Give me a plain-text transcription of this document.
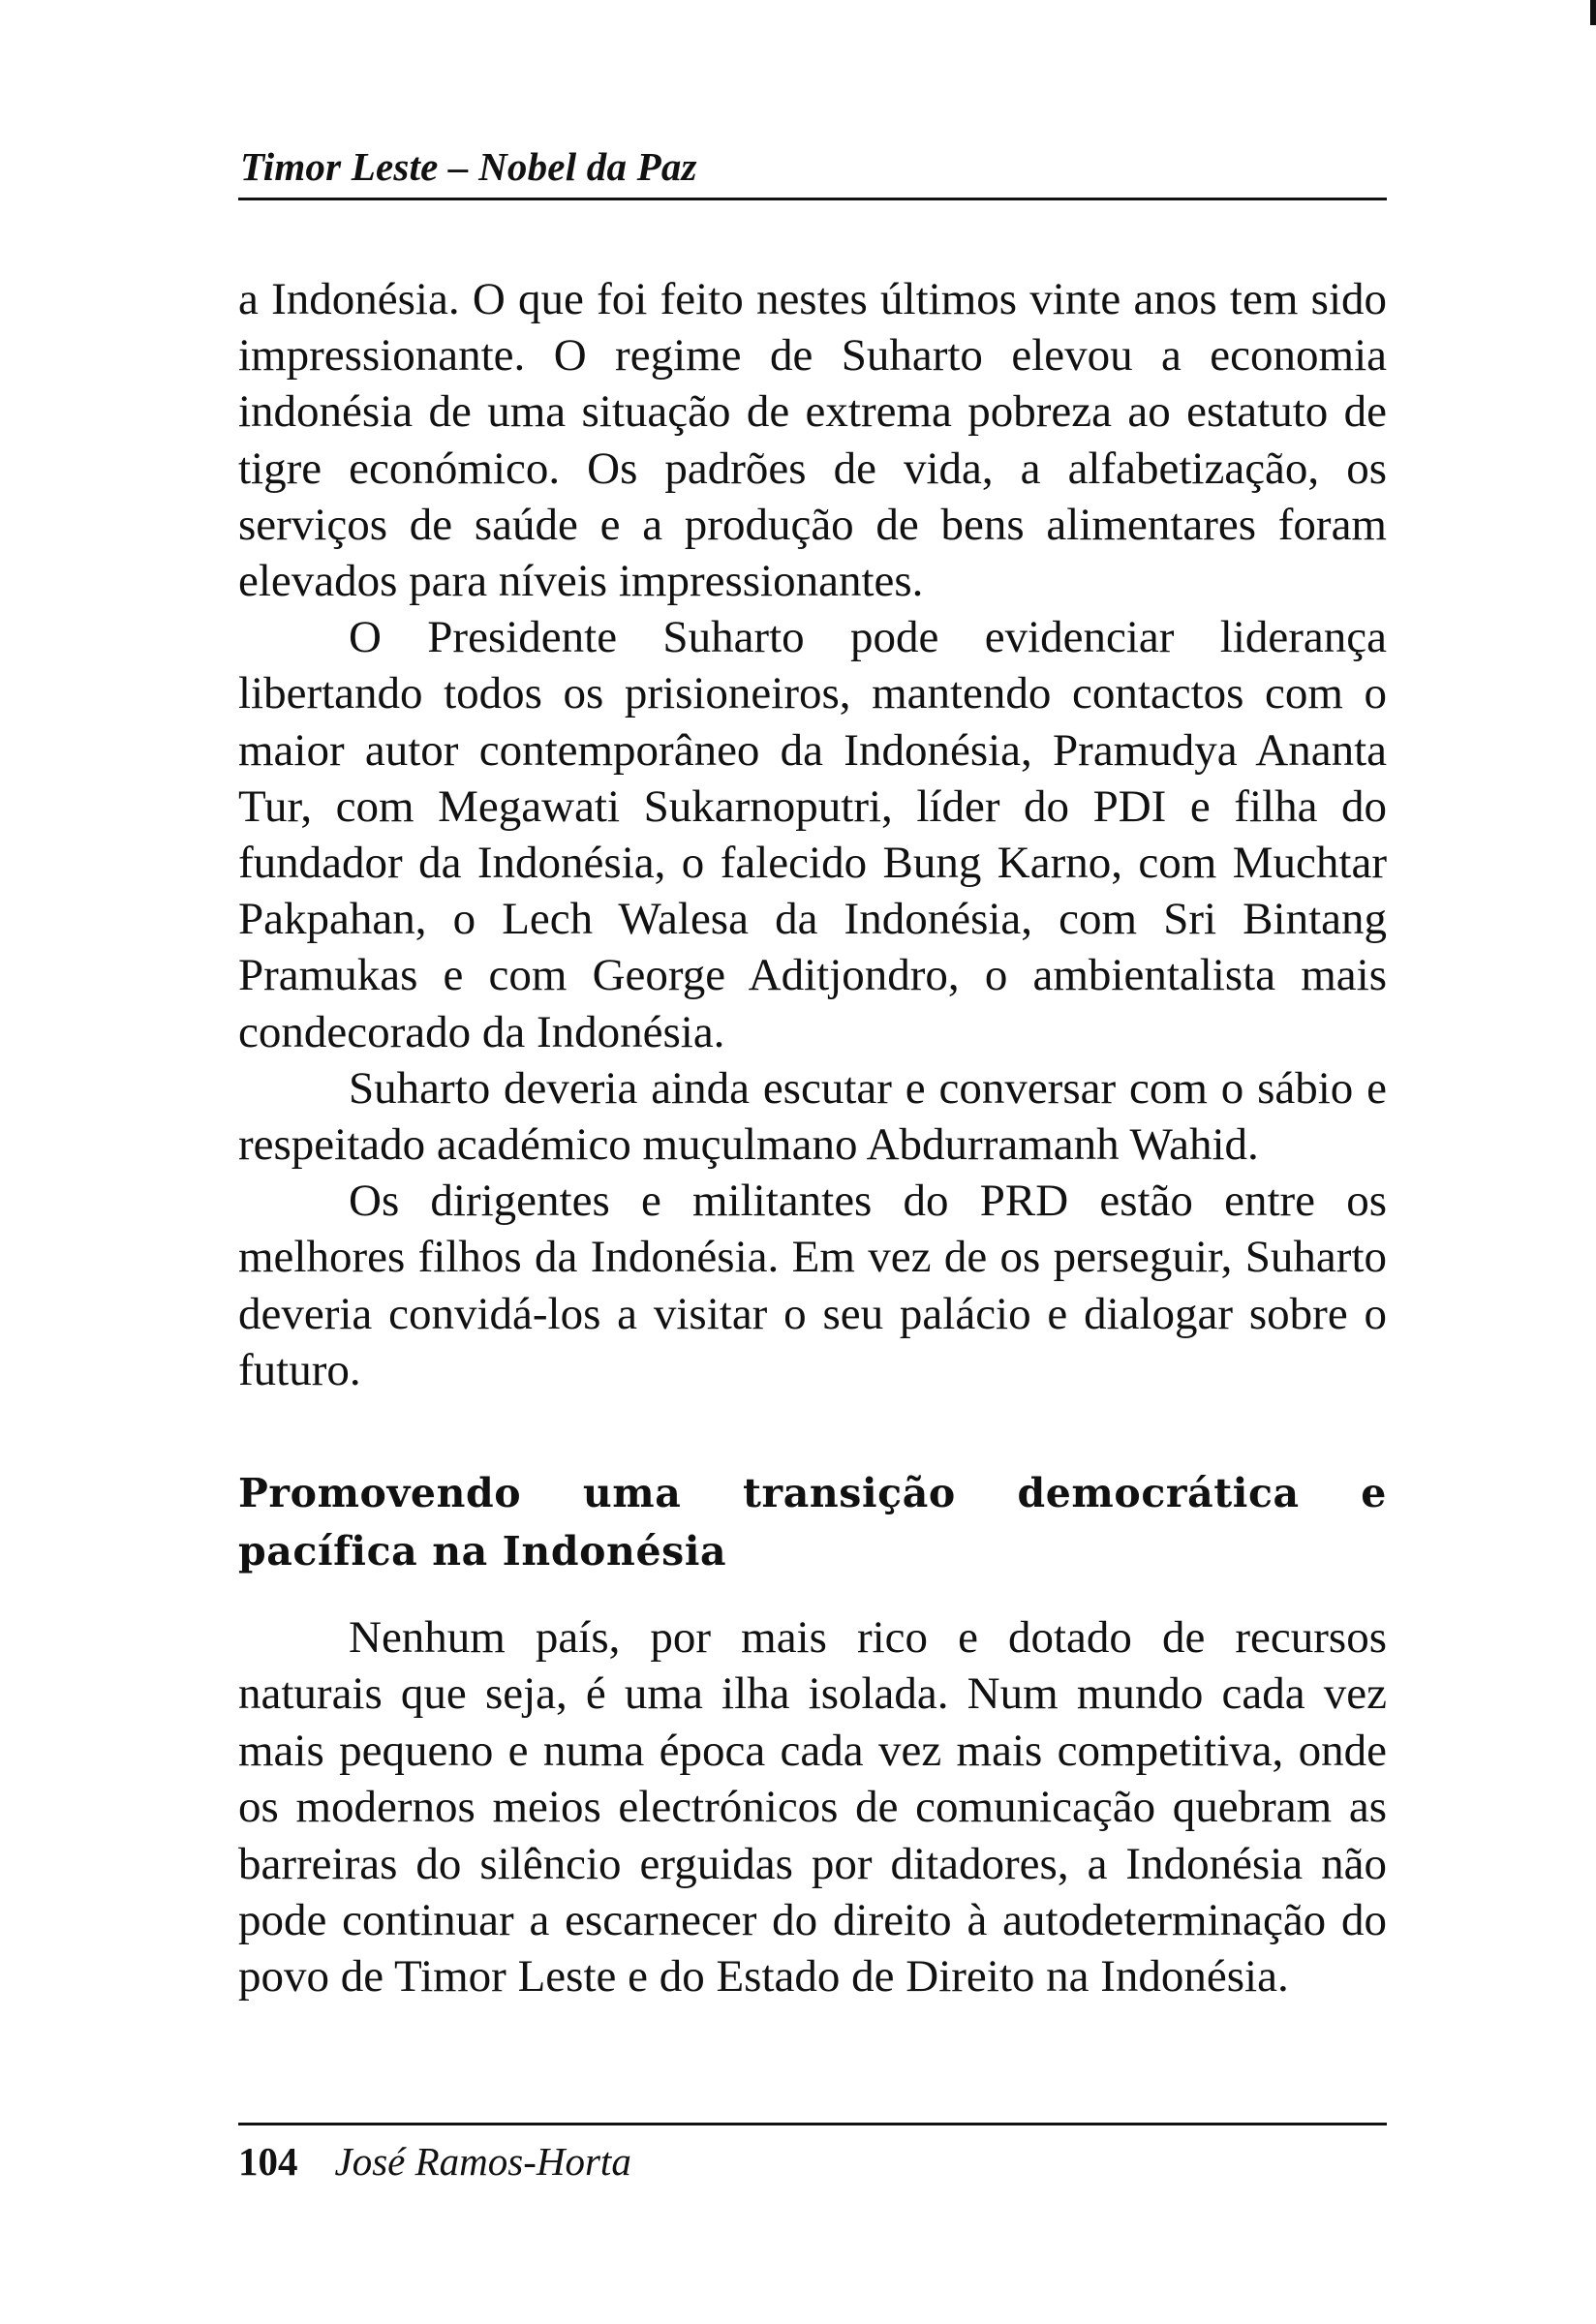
Timor Leste – Nobel da Paz

a Indonésia. O que foi feito nestes últimos vinte anos tem sido impressionante. O regime de Suharto elevou a economia indonésia de uma situação de extrema pobreza ao estatuto de tigre económico. Os padrões de vida, a alfabetização, os serviços de saúde e a produção de bens alimentares foram elevados para níveis impressionantes.

O Presidente Suharto pode evidenciar liderança libertando todos os prisioneiros, mantendo contactos com o maior autor contemporâneo da Indonésia, Pramudya Ananta Tur, com Megawati Sukarnoputri, líder do PDI e filha do fundador da Indonésia, o falecido Bung Karno, com Muchtar Pakpahan, o Lech Walesa da Indonésia, com Sri Bintang Pramukas e com George Aditjondro, o ambientalista mais condecorado da Indonésia.

Suharto deveria ainda escutar e conversar com o sábio e respeitado académico muçulmano Abdurramanh Wahid.

Os dirigentes e militantes do PRD estão entre os melhores filhos da Indonésia. Em vez de os perseguir, Suharto deveria convidá-los a visitar o seu palácio e dialogar sobre o futuro.

Promovendo uma transição democrática e pacífica na Indonésia

Nenhum país, por mais rico e dotado de recursos naturais que seja, é uma ilha isolada. Num mundo cada vez mais pequeno e numa época cada vez mais competitiva, onde os modernos meios electrónicos de comunicação quebram as barreiras do silêncio erguidas por ditadores, a Indonésia não pode continuar a escarnecer do direito à autodeterminação do povo de Timor Leste e do Estado de Direito na Indonésia.

104 José Ramos-Horta
